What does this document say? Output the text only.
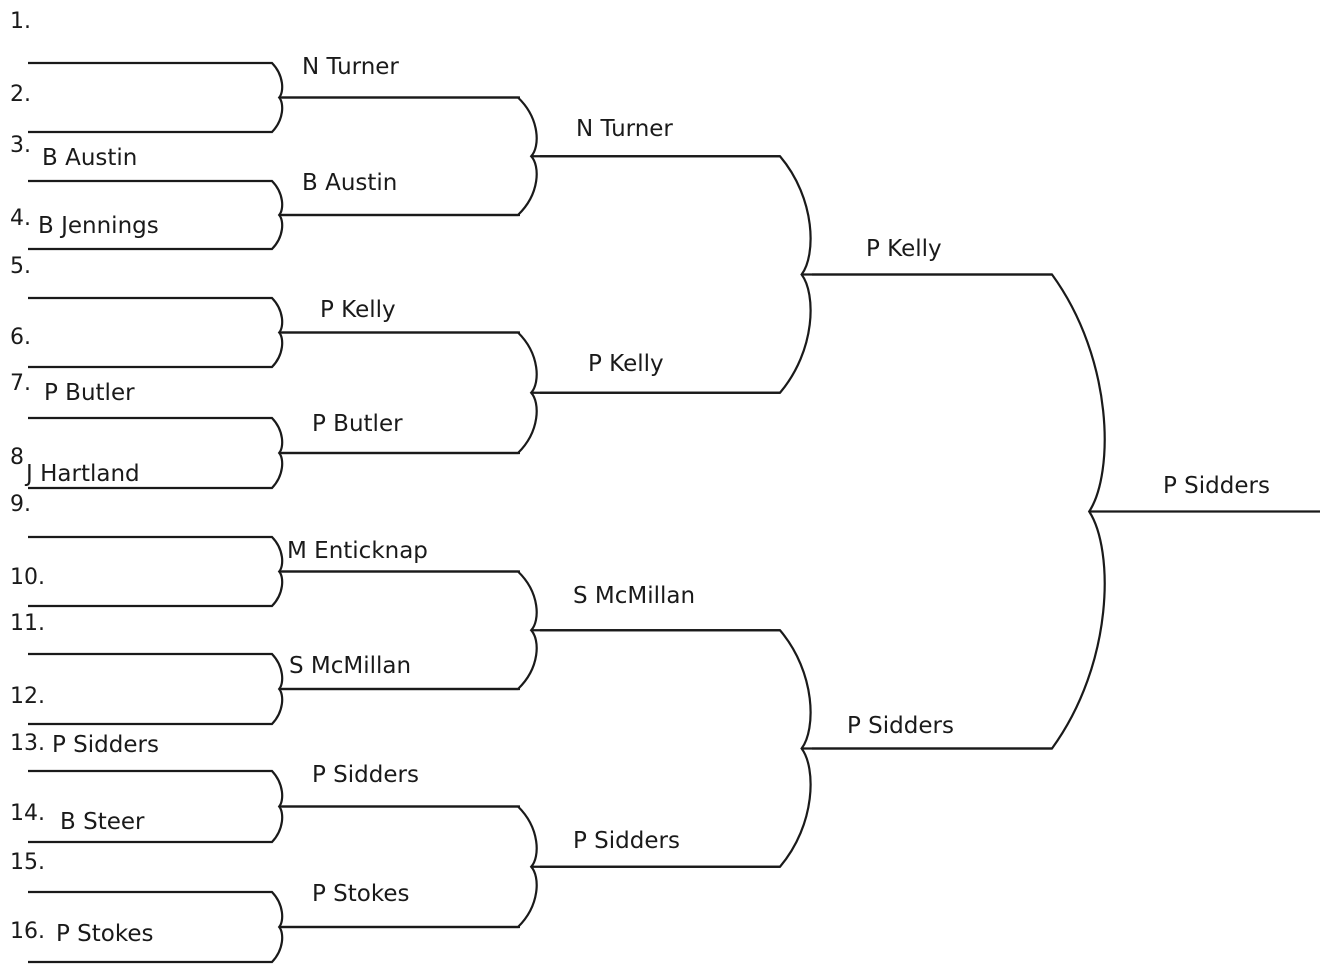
1.
2.
3.
4.
5.
6.
7.
8
9.
10.
11.
12.
13.
14.
15.
16.
B Austin
B Jennings
P Butler
J Hartland
P Sidders
B Steer
P Stokes
N Turner
B Austin
P Kelly
P Butler
M Enticknap
S McMillan
P Sidders
P Stokes
N Turner
P Kelly
S McMillan
P Sidders
P Kelly
P Sidders
P Sidders
